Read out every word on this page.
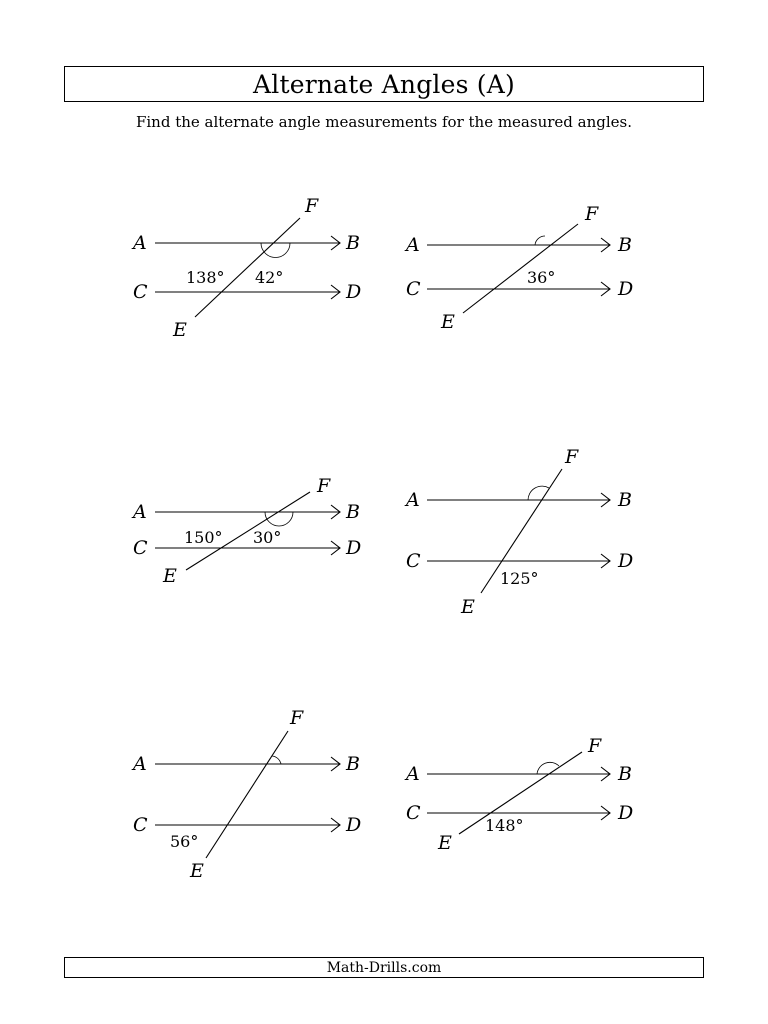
Alternate Angles (A)
Find the alternate angle measurements for the measured angles.
A	B
C	D
E
F
138° 42°
A	B
C	D
E
F
36°
A	B
C	D
E
F
150° 30°
A	B
C	D
E
F
125°
A	B
C	D
E
F
56°
A	B
C	D
E
F
148°
Math-Drills.com
